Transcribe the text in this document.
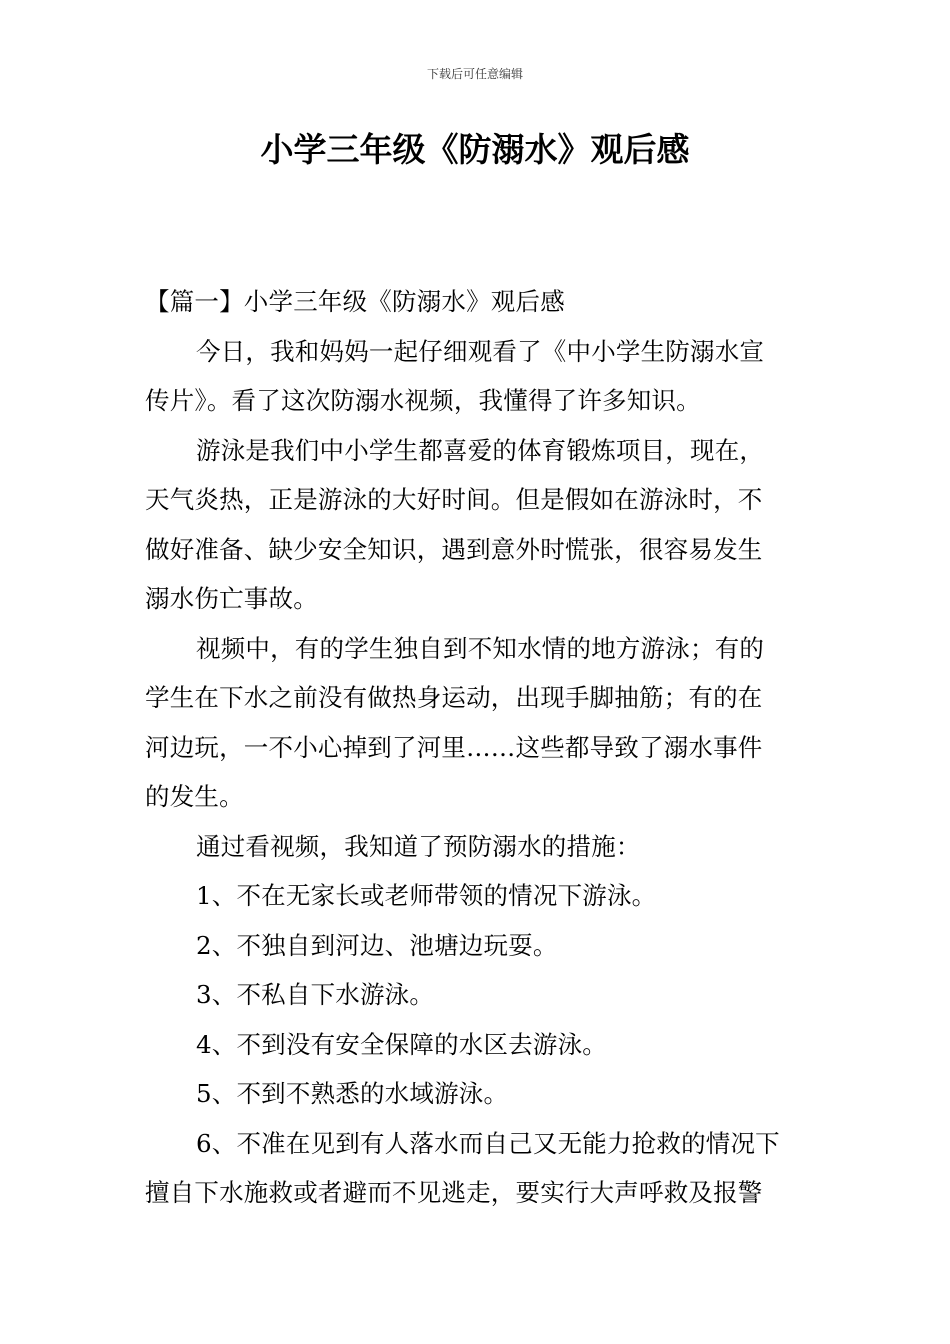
下载后可任意编辑
小学三年级《防溺水》观后感

【篇一】小学三年级《防溺水》观后感

今日，我和妈妈一起仔细观看了《中小学生防溺水宣

传片》。看了这次防溺水视频，我懂得了许多知识。

游泳是我们中小学生都喜爱的体育锻炼项目，现在，

天气炎热，正是游泳的大好时间。但是假如在游泳时，不

做好准备、缺少安全知识，遇到意外时慌张，很容易发生

溺水伤亡事故。

视频中，有的学生独自到不知水情的地方游泳；有的

学生在下水之前没有做热身运动，出现手脚抽筋；有的在

河边玩，一不小心掉到了河里……这些都导致了溺水事件

的发生。

通过看视频，我知道了预防溺水的措施：

1、不在无家长或老师带领的情况下游泳。

2、不独自到河边、池塘边玩耍。

3、不私自下水游泳。

4、不到没有安全保障的水区去游泳。

5、不到不熟悉的水域游泳。

6、不准在见到有人落水而自己又无能力抢救的情况下

擅自下水施救或者避而不见逃走，要实行大声呼救及报警
